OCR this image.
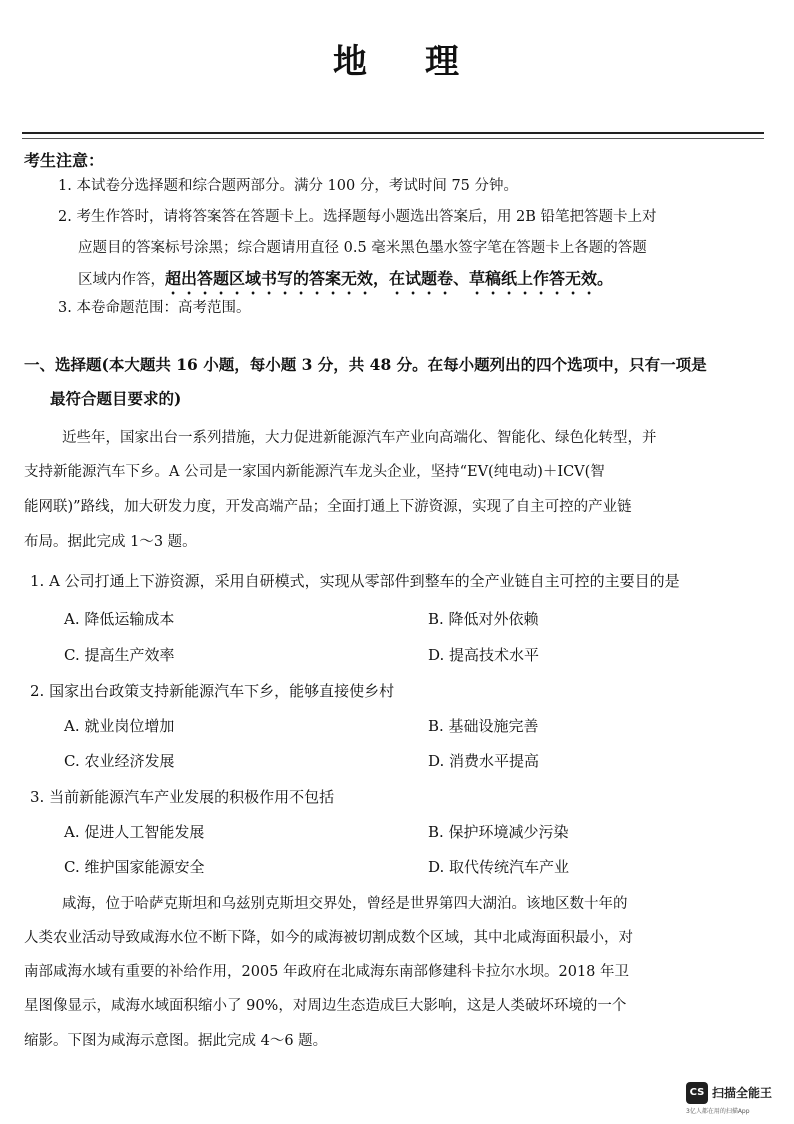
地 理
考生注意：
1. 本试卷分选择题和综合题两部分。满分 100 分，考试时间 75 分钟。
2. 考生作答时，请将答案答在答题卡上。选择题每小题选出答案后，用 2B 铅笔把答题卡上对
应题目的答案标号涂黑；综合题请用直径 0.5 毫米黑色墨水签字笔在答题卡上各题的答题
区域内作答，超出答题区域书写的答案无效，在试题卷、草稿纸上作答无效。
3. 本卷命题范围：高考范围。
一、选择题(本大题共 16 小题，每小题 3 分，共 48 分。在每小题列出的四个选项中，只有一项是
最符合题目要求的)
近些年，国家出台一系列措施，大力促进新能源汽车产业向高端化、智能化、绿色化转型，并
支持新能源汽车下乡。A 公司是一家国内新能源汽车龙头企业，坚持“EV(纯电动)＋ICV(智
能网联)”路线，加大研发力度，开发高端产品；全面打通上下游资源，实现了自主可控的产业链
布局。据此完成 1～3 题。
1. A 公司打通上下游资源，采用自研模式，实现从零部件到整车的全产业链自主可控的主要目的是
A. 降低运输成本	B. 降低对外依赖
C. 提高生产效率	D. 提高技术水平
2. 国家出台政策支持新能源汽车下乡，能够直接使乡村
A. 就业岗位增加	B. 基础设施完善
C. 农业经济发展	D. 消费水平提高
3. 当前新能源汽车产业发展的积极作用不包括
A. 促进人工智能发展	B. 保护环境减少污染
C. 维护国家能源安全	D. 取代传统汽车产业
咸海，位于哈萨克斯坦和乌兹别克斯坦交界处，曾经是世界第四大湖泊。该地区数十年的
人类农业活动导致咸海水位不断下降，如今的咸海被切割成数个区域，其中北咸海面积最小，对
南部咸海水域有重要的补给作用，2005 年政府在北咸海东南部修建科卡拉尔水坝。2018 年卫
星图像显示，咸海水域面积缩小了 90%，对周边生态造成巨大影响，这是人类破坏环境的一个
缩影。下图为咸海示意图。据此完成 4～6 题。
CS 扫描全能王
3亿人都在用的扫描App
